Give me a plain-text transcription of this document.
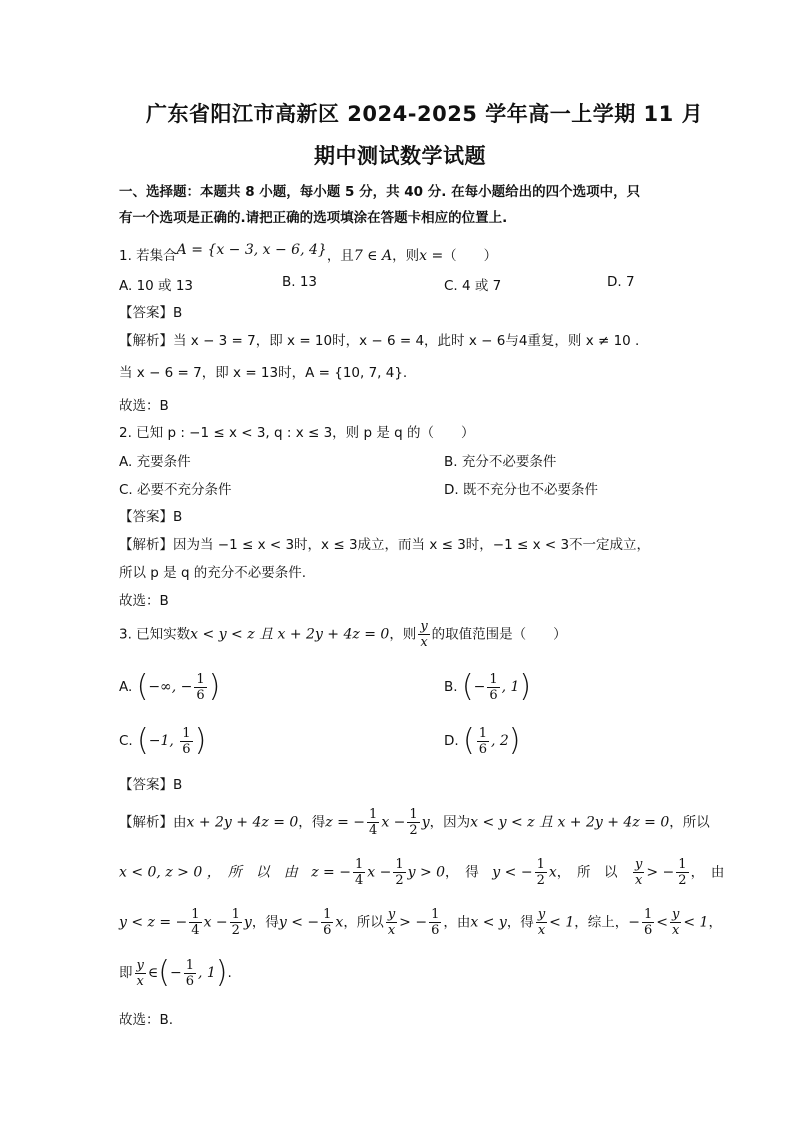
广东省阳江市高新区 2024-2025 学年高一上学期 11 月
期中测试数学试题
一、选择题：本题共 8 小题，每小题 5 分，共 40 分. 在每小题给出的四个选项中，只
有一个选项是正确的.请把正确的选项填涂在答题卡相应的位置上.
1. 若集合A = {x − 3, x − 6, 4}，且7 ∈ A，则x =（　　）
A. 10 或 13	B. 13	C. 4 或 7	D. 7
【答案】B
【解析】当 x − 3 = 7，即 x = 10时，x − 6 = 4，此时 x − 6与4重复，则 x ≠ 10 .
当 x − 6 = 7，即 x = 13时，A = {10, 7, 4}.
故选：B
2. 已知 p : −1 ≤ x < 3, q : x ≤ 3，则 p 是 q 的（　　）
A. 充要条件	B. 充分不必要条件
C. 必要不充分条件	D. 既不充分也不必要条件
【答案】B
【解析】因为当 −1 ≤ x < 3时，x ≤ 3成立，而当 x ≤ 3时，−1 ≤ x < 3不一定成立，
所以 p 是 q 的充分不必要条件.
故选：B
3. 已知实数x < y < z 且 x + 2y + 4z = 0，则 $\frac{y}{x}$ 的取值范围是（　　）
A. (−∞, − $\frac{1}{6}$ )	B. (− $\frac{1}{6}$ , 1)
C. (−1, $\frac{1}{6}$ )	D. ( $\frac{1}{6}$ , 2)
【答案】B
【解析】由x + 2y + 4z = 0，得z = − $\frac{1}{4}$ $x - \frac{1}{2}$ y，因为x < y < z 且 x + 2y + 4z = 0，所以
x < 0, z > 0 ，　所　以　由　 z = − $\frac{1}{4}$ $x - \frac{1}{2}$ y > 0，　得　 y < − $\frac{1}{2}$ x，　所　以　 $\frac{y}{x}$ > − $\frac{1}{2}$ ，　由
y < z = − $\frac{1}{4}$ $x - \frac{1}{2}$ y，得y < − $\frac{1}{6}$ x，所以 $\frac{y}{x}$ > − $\frac{1}{6}$ ，由x < y，得 $\frac{y}{x} < 1$，综上，− $\frac{1}{6} < \frac{y}{x} < 1$，
即 $\frac{y}{x}$ ∈(− $\frac{1}{6}$ , 1).
故选：B.
